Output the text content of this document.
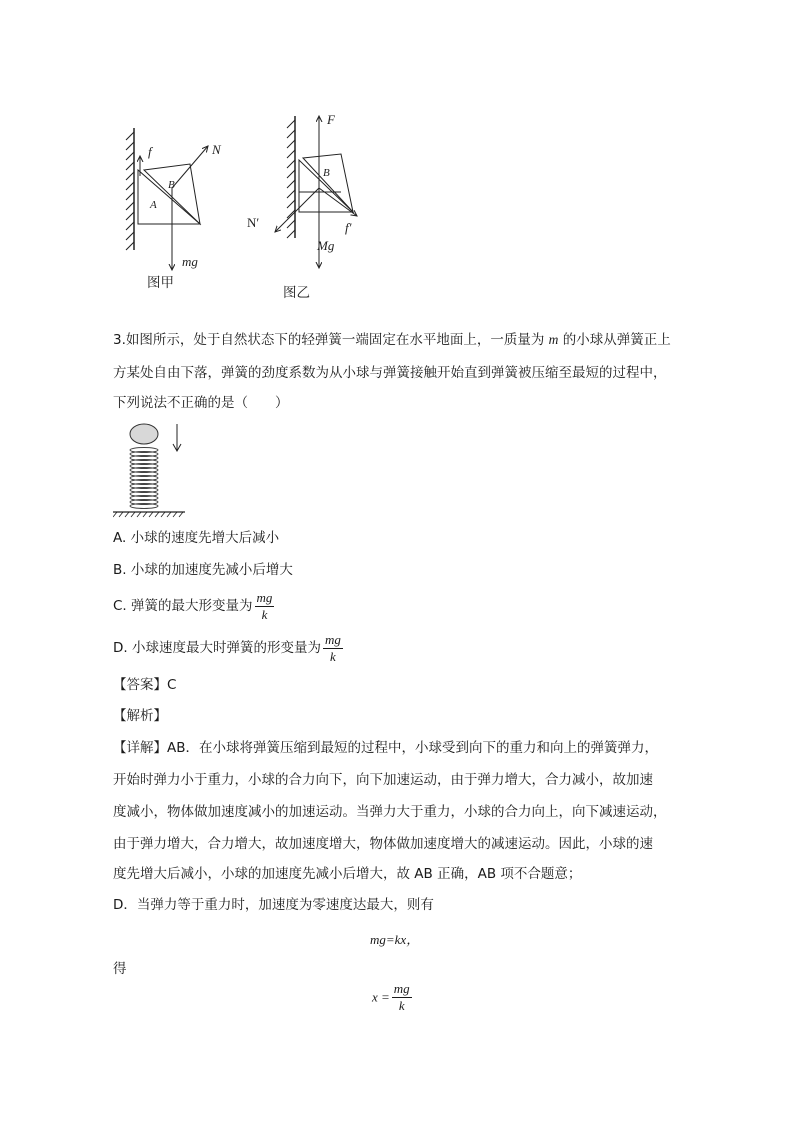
f	N
B
A
mg
图甲
F
B
N′	f′
Mg
图乙
3.如图所示，处于自然状态下的轻弹簧一端固定在水平地面上，一质量为 m 的小球从弹簧正上
方某处自由下落，弹簧的劲度系数为从小球与弹簧接触开始直到弹簧被压缩至最短的过程中，
下列说法不正确的是（　　）
A. 小球的速度先增大后减小
B. 小球的加速度先减小后增大
C. 弹簧的最大形变量为 $\frac{mg}{k}$
D. 小球速度最大时弹簧的形变量为 $\frac{mg}{k}$
【答案】C
【解析】
【详解】AB．在小球将弹簧压缩到最短的过程中，小球受到向下的重力和向上的弹簧弹力，
开始时弹力小于重力，小球的合力向下，向下加速运动，由于弹力增大，合力减小，故加速
度减小，物体做加速度减小的加速运动。当弹力大于重力，小球的合力向上，向下减速运动，
由于弹力增大，合力增大，故加速度增大，物体做加速度增大的减速运动。因此，小球的速
度先增大后减小，小球的加速度先减小后增大，故 AB 正确，AB 项不合题意；
D．当弹力等于重力时，加速度为零速度达最大，则有
mg=kx，
得
$x = \frac{mg}{k}$
